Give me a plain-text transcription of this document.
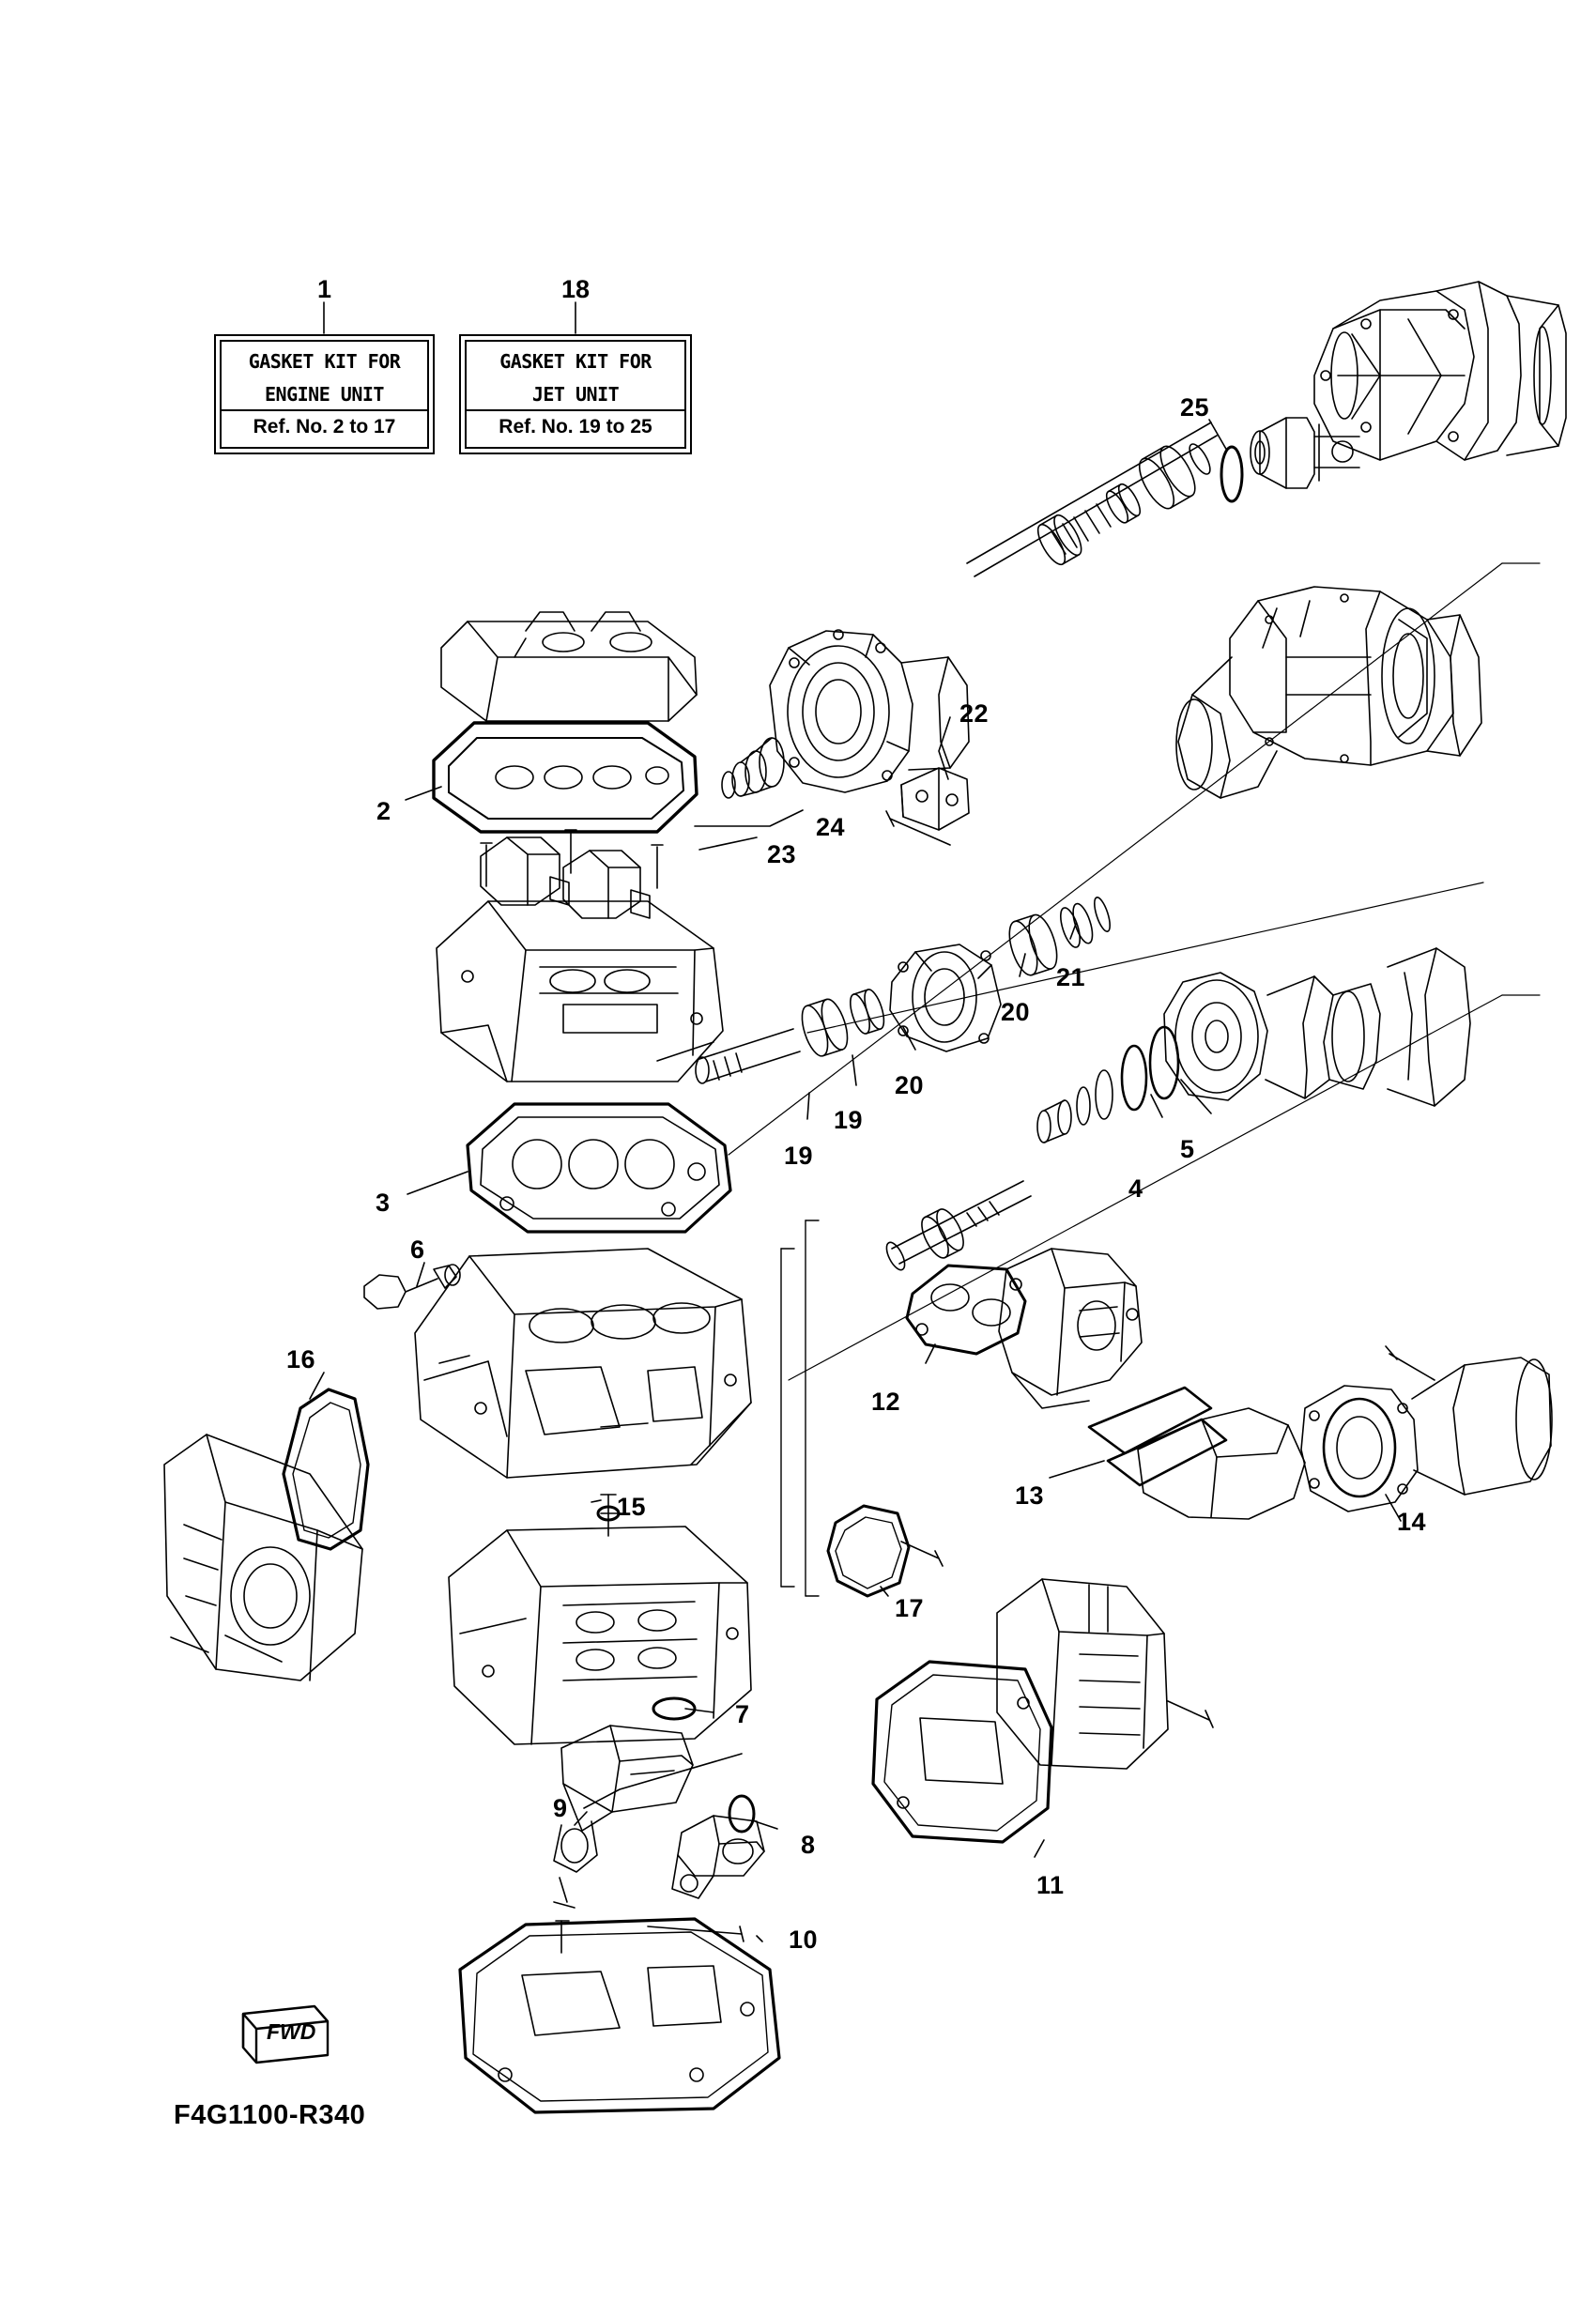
GASKET KIT FOR
ENGINE UNIT
Ref. No. 2 to 17
1
GASKET KIT FOR
JET UNIT
Ref. No. 19 to 25
18
25
22
2
24
23
21
20
20
19
19	5
4
3
6
16
12
13
14
15
17
7
9
8
11
10
FWD
F4G1100-R340
